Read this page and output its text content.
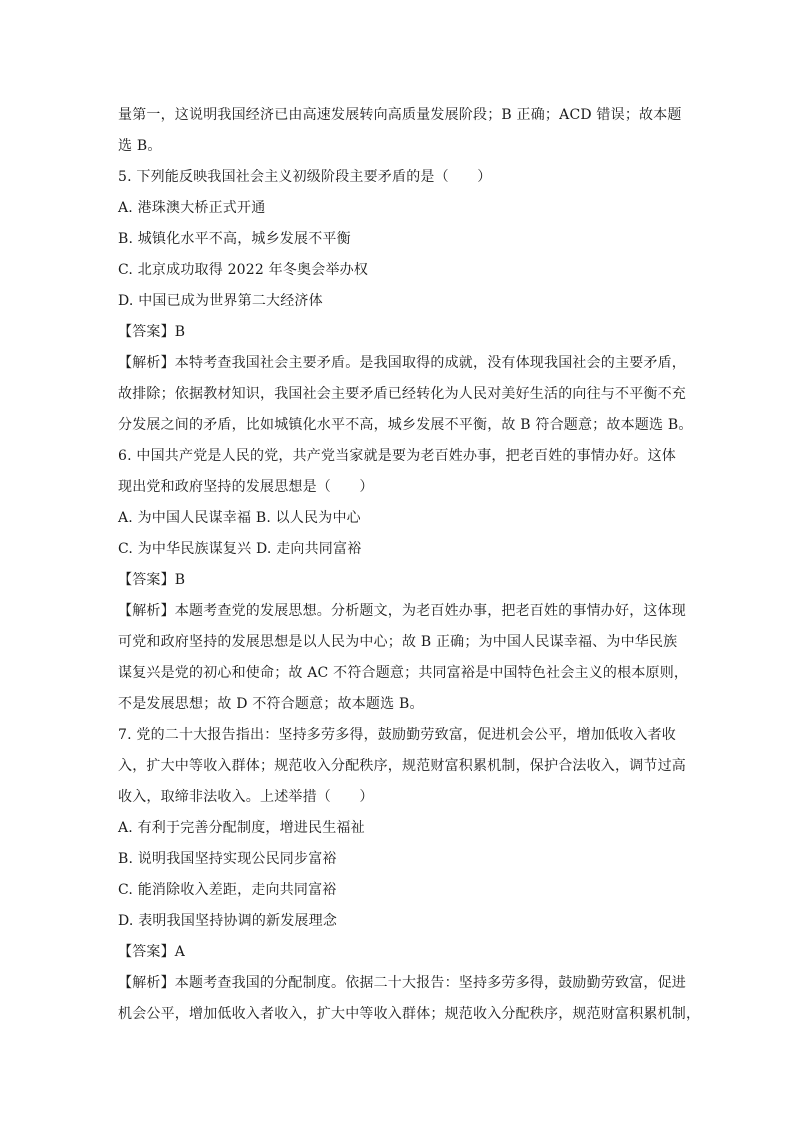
量第一，这说明我国经济已由高速发展转向高质量发展阶段；B 正确；ACD 错误；故本题
选 B。
5. 下列能反映我国社会主义初级阶段主要矛盾的是（　　）
A. 港珠澳大桥正式开通
B. 城镇化水平不高，城乡发展不平衡
C. 北京成功取得 2022 年冬奥会举办权
D. 中国已成为世界第二大经济体
【答案】B
【解析】本特考查我国社会主要矛盾。是我国取得的成就，没有体现我国社会的主要矛盾，
故排除；依据教材知识，我国社会主要矛盾已经转化为人民对美好生活的向往与不平衡不充
分发展之间的矛盾，比如城镇化水平不高，城乡发展不平衡，故 B 符合题意；故本题选 B。
6. 中国共产党是人民的党，共产党当家就是要为老百姓办事，把老百姓的事情办好。这体
现出党和政府坚持的发展思想是（　　）
A. 为中国人民谋幸福 B. 以人民为中心
C. 为中华民族谋复兴 D. 走向共同富裕
【答案】B
【解析】本题考查党的发展思想。分析题文，为老百姓办事，把老百姓的事情办好，这体现
可党和政府坚持的发展思想是以人民为中心；故 B 正确；为中国人民谋幸福、为中华民族
谋复兴是党的初心和使命；故 AC 不符合题意；共同富裕是中国特色社会主义的根本原则，
不是发展思想；故 D 不符合题意；故本题选 B。
7. 党的二十大报告指出：坚持多劳多得，鼓励勤劳致富，促进机会公平，增加低收入者收
入，扩大中等收入群体；规范收入分配秩序，规范财富积累机制，保护合法收入，调节过高
收入，取缔非法收入。上述举措（　　）
A. 有利于完善分配制度，增进民生福祉
B. 说明我国坚持实现公民同步富裕
C. 能消除收入差距，走向共同富裕
D. 表明我国坚持协调的新发展理念
【答案】A
【解析】本题考查我国的分配制度。依据二十大报告：坚持多劳多得，鼓励勤劳致富，促进
机会公平，增加低收入者收入，扩大中等收入群体；规范收入分配秩序，规范财富积累机制，
